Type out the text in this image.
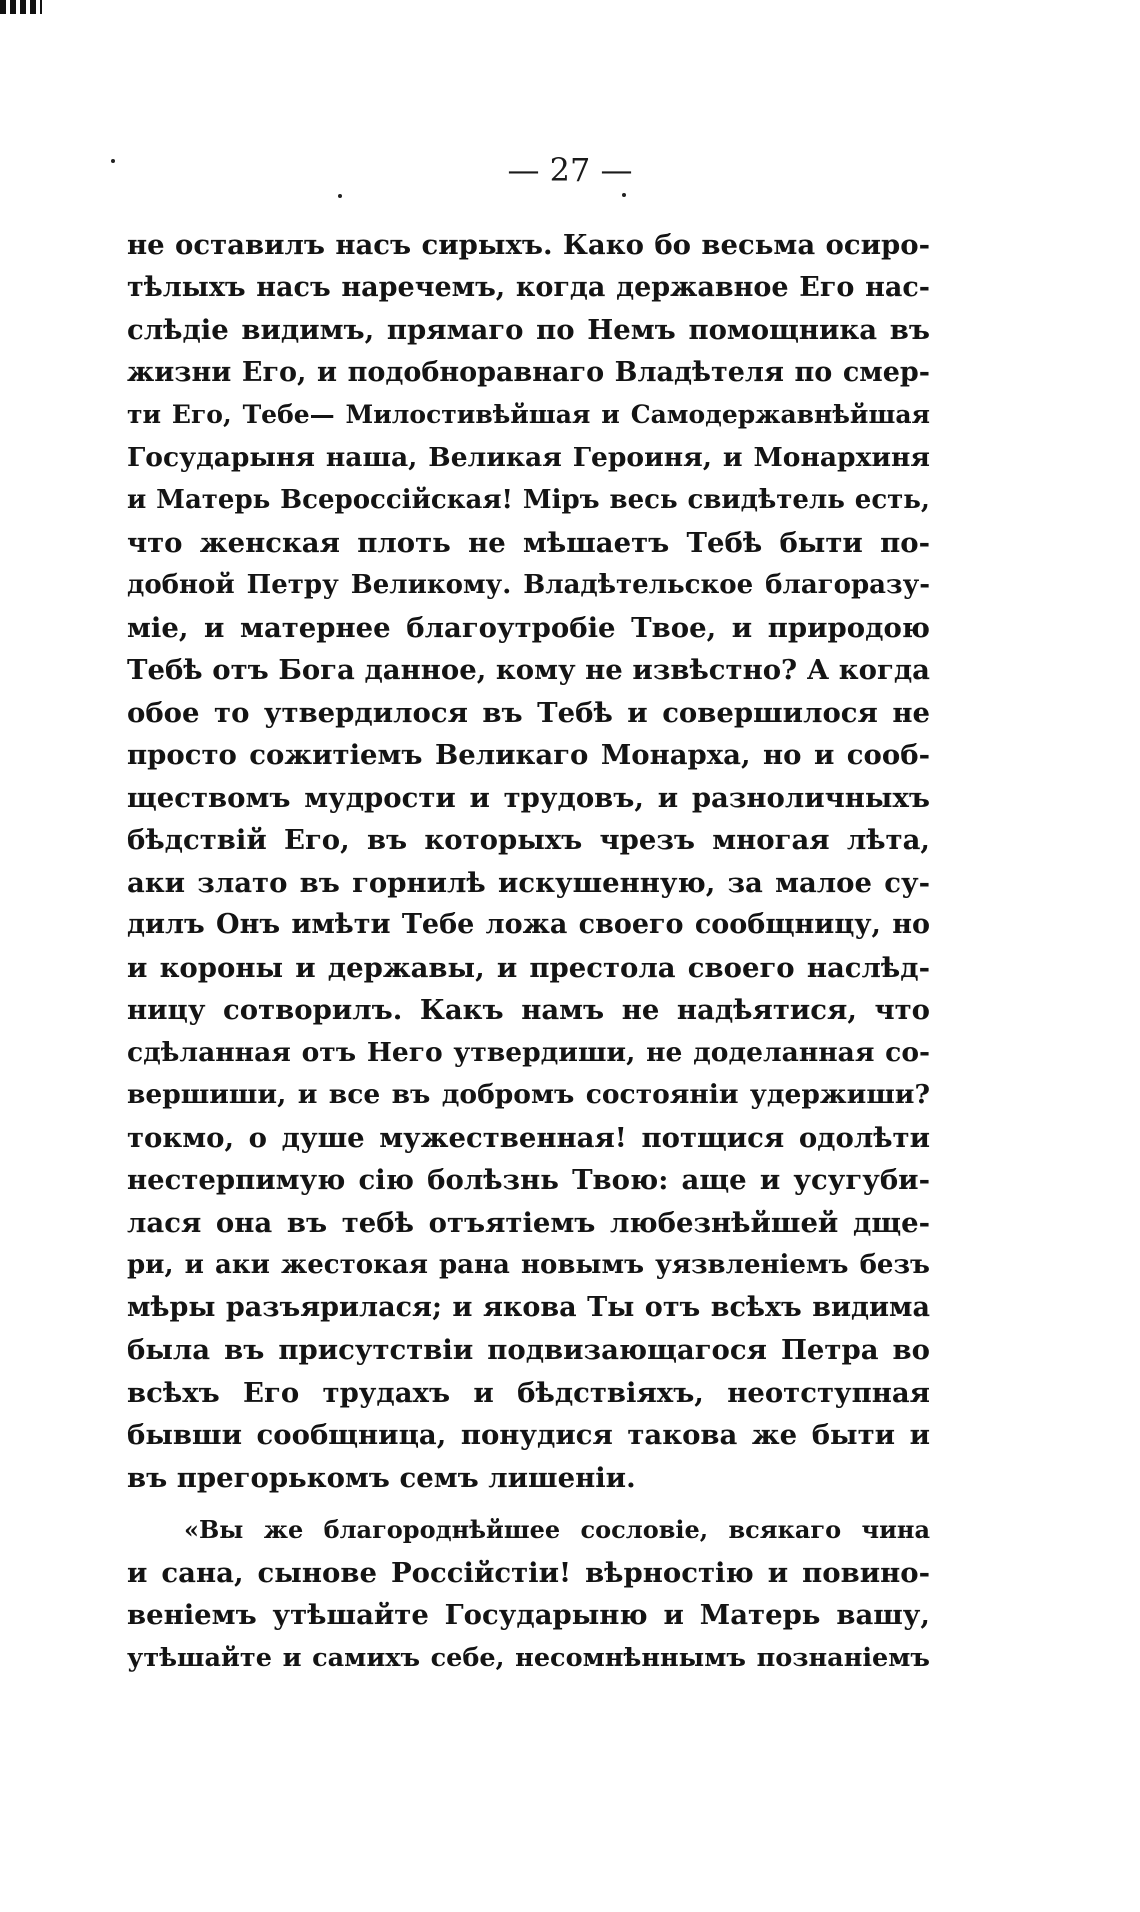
— 27 —
не оставилъ насъ сирыхъ. Како бо весьма осиро-
тѣлыхъ насъ наречемъ, когда державное Его нас-
слѣдіе видимъ, прямаго по Немъ помощника въ
жизни Его, и подобноравнаго Владѣтеля по смер-
ти Его, Тебе— Милостивѣйшая и Самодержавнѣйшая
Государыня наша, Великая Героиня, и Монархиня
и Матерь Всероссійская! Міръ весь свидѣтель есть,
что женская плоть не мѣшаетъ Тебѣ быти по-
добной Петру Великому. Владѣтельское благоразу-
міе, и матернее благоутробіе Твое, и природою
Тебѣ отъ Бога данное, кому не извѣстно? А когда
обое то утвердилося въ Тебѣ и совершилося не
просто сожитіемъ Великаго Монарха, но и сооб-
ществомъ мудрости и трудовъ, и разноличныхъ
бѣдствій Его, въ которыхъ чрезъ многая лѣта,
аки злато въ горнилѣ искушенную, за малое су-
дилъ Онъ имѣти Тебе ложа своего сообщницу, но
и короны и державы, и престола своего наслѣд-
ницу сотворилъ. Какъ намъ не надѣятися, что
сдѣланная отъ Него утвердиши, не доделанная со-
вершиши, и все въ добромъ состояніи удержиши?
токмо, о душе мужественная! потщися одолѣти
нестерпимую сію болѣзнь Твою: аще и усугуби-
лася она въ тебѣ отъятіемъ любезнѣйшей дще-
ри, и аки жестокая рана новымъ уязвленіемъ безъ
мѣры разъярилася; и якова Ты отъ всѣхъ видима
была въ присутствіи подвизающагося Петра во
всѣхъ Его трудахъ и бѣдствіяхъ, неотступная
бывши сообщница, понудися такова же быти и
въ прегорькомъ семъ лишеніи.
«Вы же благороднѣйшее сословіе, всякаго чина
и сана, сынове Россійстіи! вѣрностію и повино-
веніемъ утѣшайте Государыню и Матерь вашу,
утѣшайте и самихъ себе, несомнѣннымъ познаніемъ
